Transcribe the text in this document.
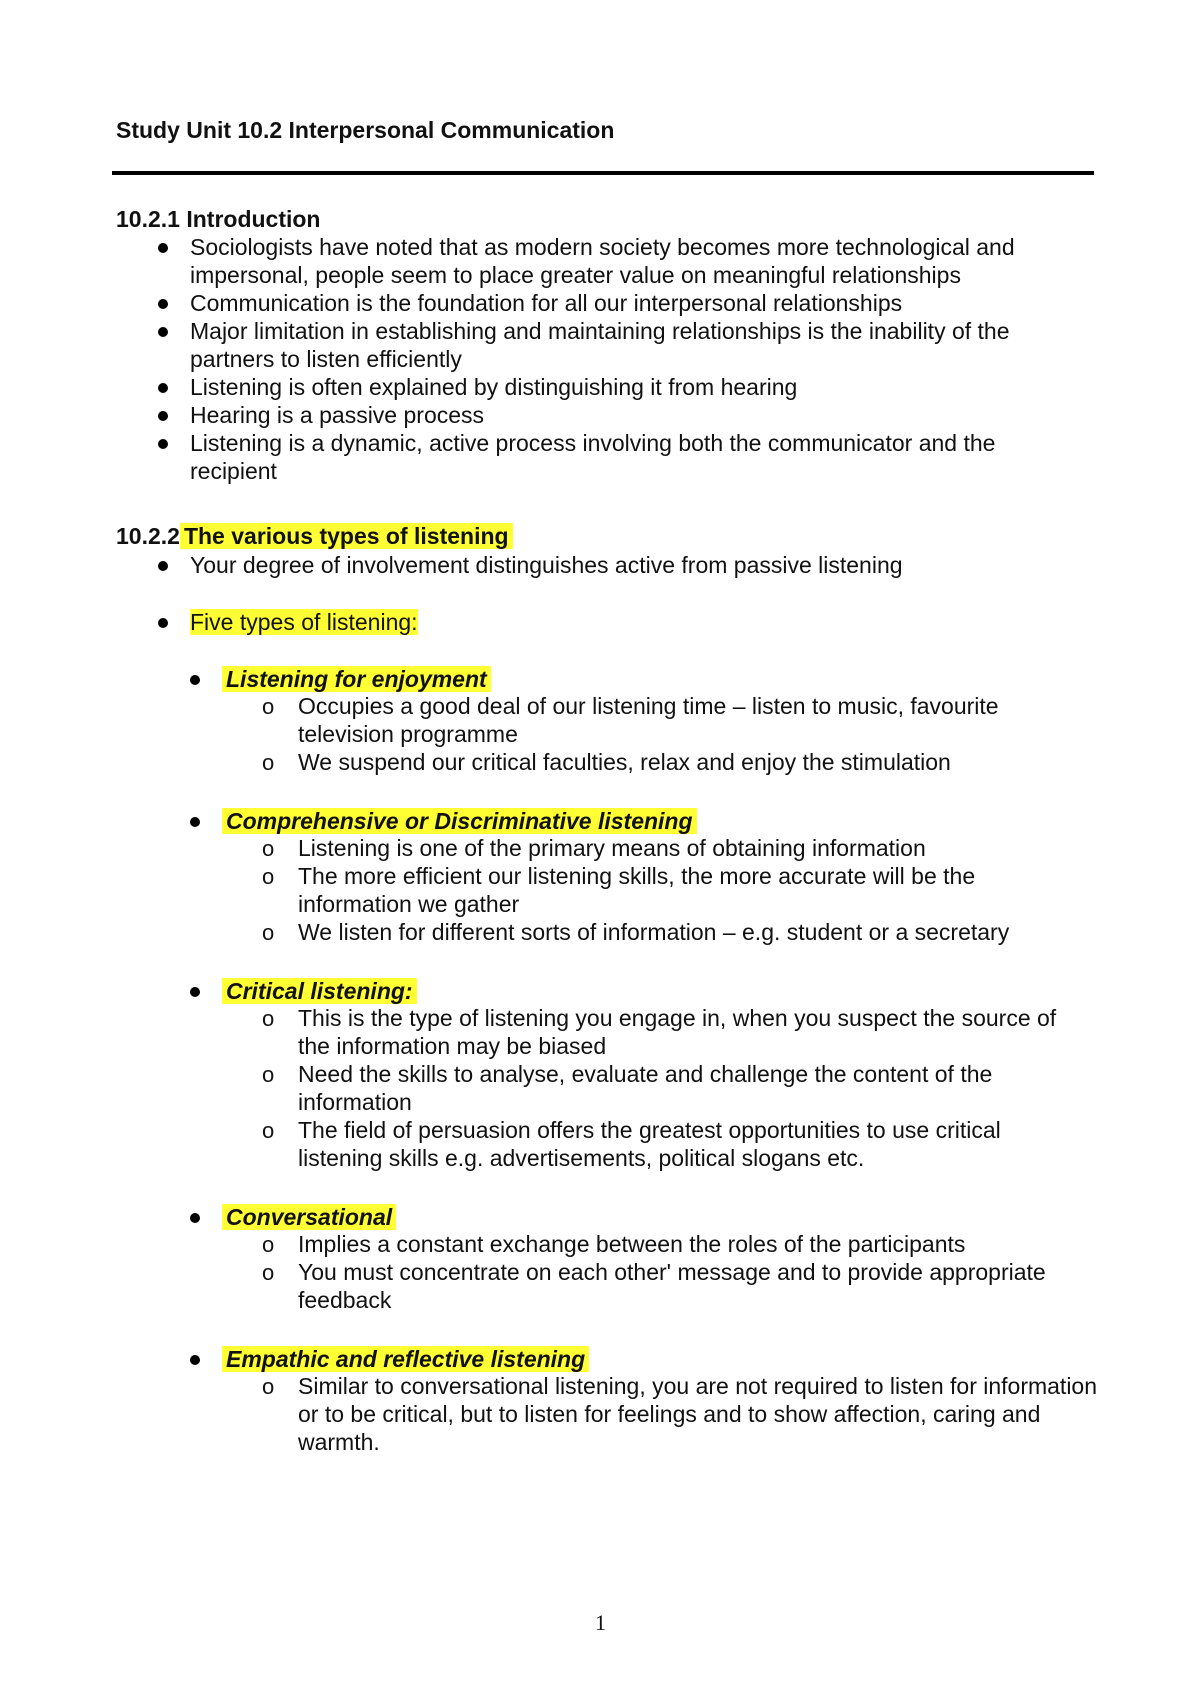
Study Unit 10.2 Interpersonal Communication
10.2.1 Introduction
Sociologists have noted that as modern society becomes more technological and impersonal, people seem to place greater value on meaningful relationships
Communication is the foundation for all our interpersonal relationships
Major limitation in establishing and maintaining relationships is the inability of the partners to listen efficiently
Listening is often explained by distinguishing it from hearing
Hearing is a passive process
Listening is a dynamic, active process involving both the communicator and the recipient
10.2.2 The various types of listening
Your degree of involvement distinguishes active from passive listening
Five types of listening:
Listening for enjoyment
o Occupies a good deal of our listening time – listen to music, favourite television programme
o We suspend our critical faculties, relax and enjoy the stimulation
Comprehensive or Discriminative listening
o Listening is one of the primary means of obtaining information
o The more efficient our listening skills, the more accurate will be the information we gather
o We listen for different sorts of information – e.g. student or a secretary
Critical listening:
o This is the type of listening you engage in, when you suspect the source of the information may be biased
o Need the skills to analyse, evaluate and challenge the content of the information
o The field of persuasion offers the greatest opportunities to use critical listening skills e.g. advertisements, political slogans etc.
Conversational
o Implies a constant exchange between the roles of the participants
o You must concentrate on each other' message and to provide appropriate feedback
Empathic and reflective listening
o Similar to conversational listening, you are not required to listen for information or to be critical, but to listen for feelings and to show affection, caring and warmth.
1
